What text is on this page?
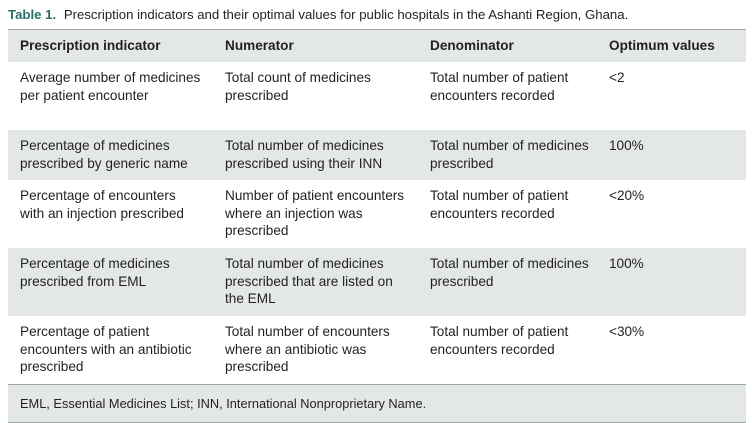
Table 1. Prescription indicators and their optimal values for public hospitals in the Ashanti Region, Ghana.
Prescription indicator	Numerator	Denominator	Optimum values
Average number of medicines per patient encounter	Total count of medicines prescribed	Total number of patient encounters recorded	<2
Percentage of medicines prescribed by generic name	Total number of medicines prescribed using their INN	Total number of medicines prescribed	100%
Percentage of encounters with an injection prescribed	Number of patient encounters where an injection was prescribed	Total number of patient encounters recorded	<20%
Percentage of medicines prescribed from EML	Total number of medicines prescribed that are listed on the EML	Total number of medicines prescribed	100%
Percentage of patient encounters with an antibiotic prescribed	Total number of encounters where an antibiotic was prescribed	Total number of patient encounters recorded	<30%
EML, Essential Medicines List; INN, International Nonproprietary Name.			
